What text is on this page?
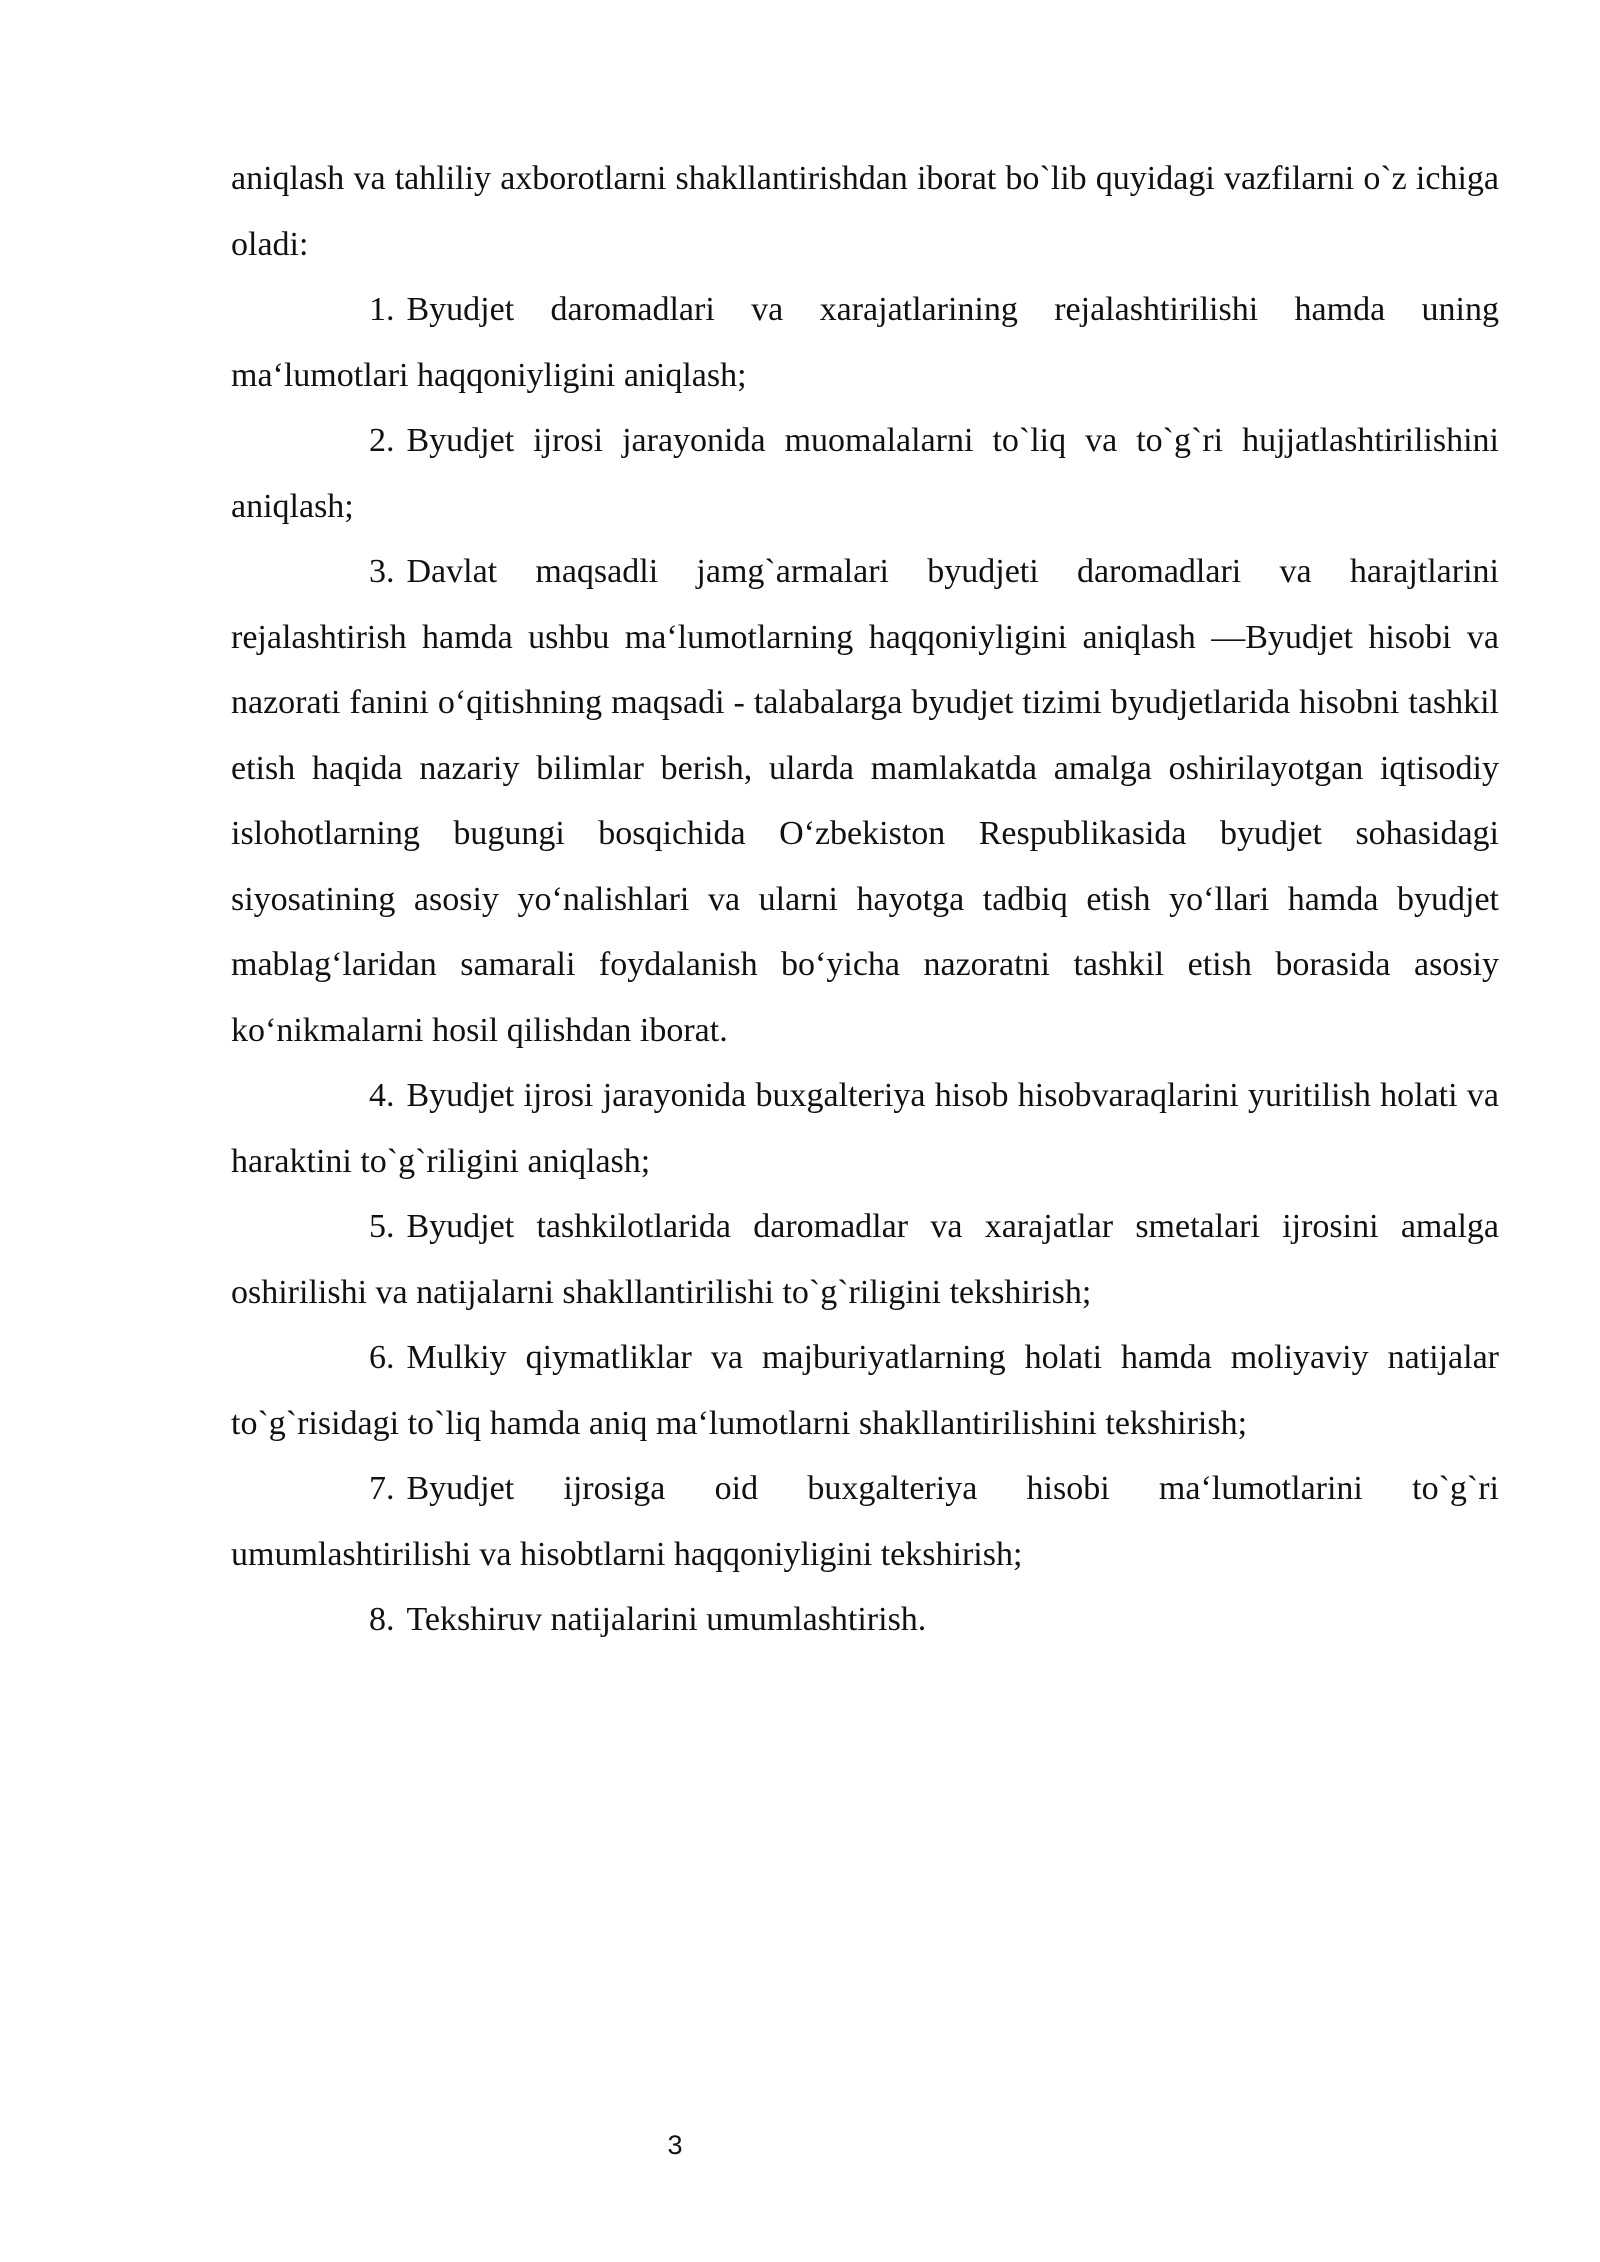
aniqlash va tahliliy axborotlarni shakllantirishdan iborat bo`lib quyidagi vazfilarni o`z ichiga oladi:

1. Byudjet daromadlari va xarajatlarining rejalashtirilishi hamda uning ma‘lumotlari haqqoniyligini aniqlash;

2. Byudjet ijrosi jarayonida muomalalarni to`liq va to`g`ri hujjatlashtirilishini aniqlash;

3. Davlat maqsadli jamg`armalari byudjeti daromadlari va harajtlarini rejalashtirish hamda ushbu ma‘lumotlarning haqqoniyligini aniqlash ―Byudjet hisobi va nazorati fanini o‘qitishning maqsadi - talabalarga byudjet tizimi byudjetlarida hisobni tashkil etish haqida nazariy bilimlar berish, ularda mamlakatda amalga oshirilayotgan iqtisodiy islohotlarning bugungi bosqichida O‘zbekiston Respublikasida byudjet sohasidagi siyosatining asosiy yo‘nalishlari va ularni hayotga tadbiq etish yo‘llari hamda byudjet mablag‘laridan samarali foydalanish bo‘yicha nazoratni tashkil etish borasida asosiy ko‘nikmalarni hosil qilishdan iborat.

4. Byudjet ijrosi jarayonida buxgalteriya hisob hisobvaraqlarini yuritilish holati va haraktini to`g`riligini aniqlash;

5. Byudjet tashkilotlarida daromadlar va xarajatlar smetalari ijrosini amalga oshirilishi va natijalarni shakllantirilishi to`g`riligini tekshirish;

6. Mulkiy qiymatliklar va majburiyatlarning holati hamda moliyaviy natijalar to`g`risidagi to`liq hamda aniq ma‘lumotlarni shakllantirilishini tekshirish;

7. Byudjet ijrosiga oid buxgalteriya hisobi ma‘lumotlarini to`g`ri umumlashtirilishi va hisobtlarni haqqoniyligini tekshirish;

8. Tekshiruv natijalarini umumlashtirish.

3
